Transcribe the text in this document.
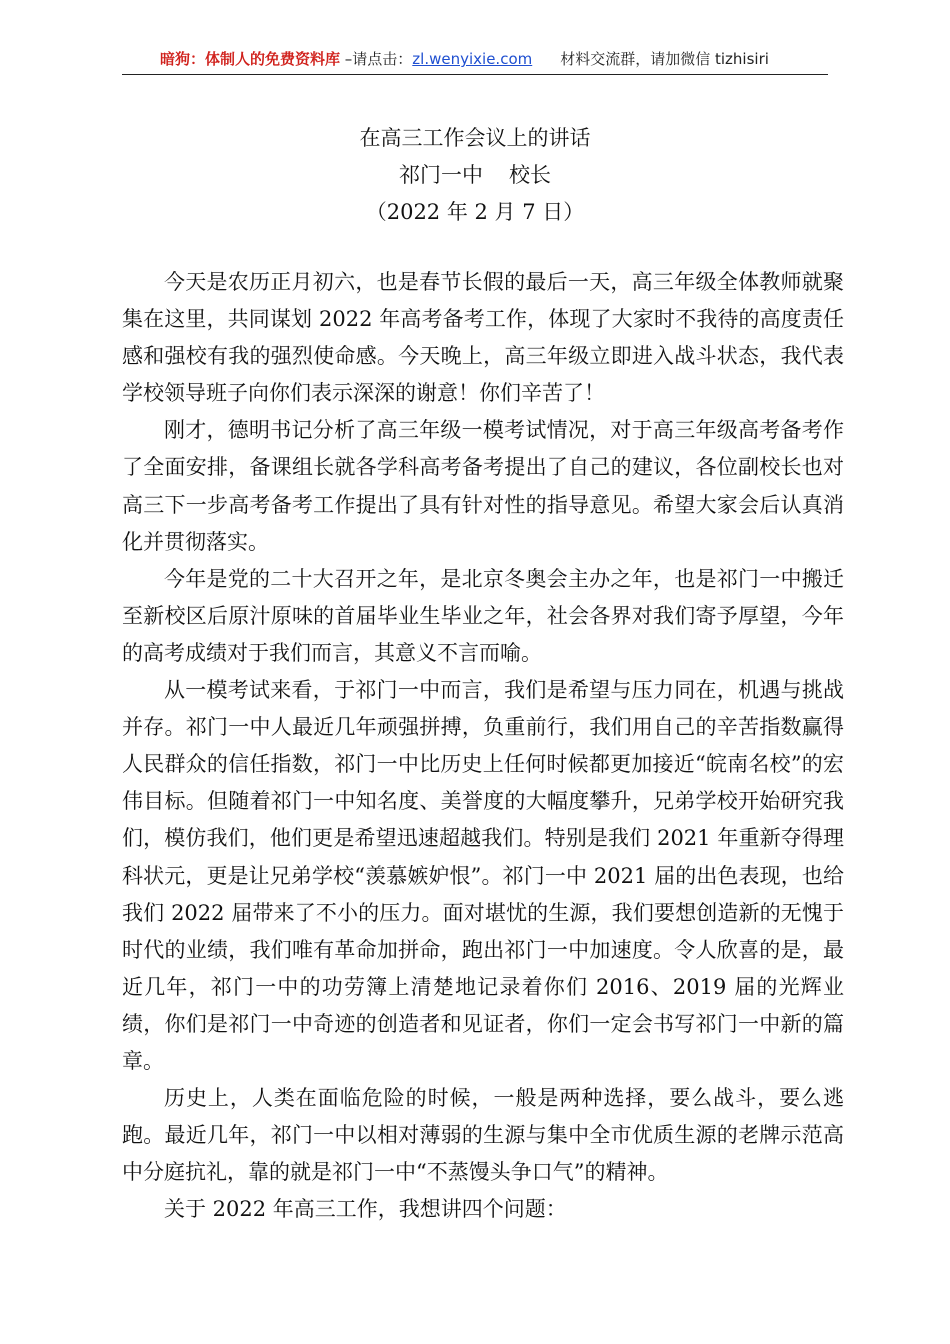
暗狗：体制人的免费资料库 –请点击：zl.wenyixie.com 材料交流群，请加微信 tizhisiri
在高三工作会议上的讲话
祁门一中 校长
（2022 年 2 月 7 日）

今天是农历正月初六，也是春节长假的最后一天，高三年级全体教师就聚集在这里，共同谋划 2022 年高考备考工作，体现了大家时不我待的高度责任感和强校有我的强烈使命感。今天晚上，高三年级立即进入战斗状态，我代表学校领导班子向你们表示深深的谢意！你们辛苦了！

刚才，德明书记分析了高三年级一模考试情况，对于高三年级高考备考作了全面安排，备课组长就各学科高考备考提出了自己的建议，各位副校长也对高三下一步高考备考工作提出了具有针对性的指导意见。希望大家会后认真消化并贯彻落实。

今年是党的二十大召开之年，是北京冬奥会主办之年，也是祁门一中搬迁至新校区后原汁原味的首届毕业生毕业之年，社会各界对我们寄予厚望，今年的高考成绩对于我们而言，其意义不言而喻。

从一模考试来看，于祁门一中而言，我们是希望与压力同在，机遇与挑战并存。祁门一中人最近几年顽强拼搏，负重前行，我们用自己的辛苦指数赢得人民群众的信任指数，祁门一中比历史上任何时候都更加接近“皖南名校”的宏伟目标。但随着祁门一中知名度、美誉度的大幅度攀升，兄弟学校开始研究我们，模仿我们，他们更是希望迅速超越我们。特别是我们 2021 年重新夺得理科状元，更是让兄弟学校“羡慕嫉妒恨”。祁门一中 2021 届的出色表现，也给我们 2022 届带来了不小的压力。面对堪忧的生源，我们要想创造新的无愧于时代的业绩，我们唯有革命加拼命，跑出祁门一中加速度。令人欣喜的是，最近几年，祁门一中的功劳簿上清楚地记录着你们 2016、2019 届的光辉业绩，你们是祁门一中奇迹的创造者和见证者，你们一定会书写祁门一中新的篇章。

历史上，人类在面临危险的时候，一般是两种选择，要么战斗，要么逃跑。最近几年，祁门一中以相对薄弱的生源与集中全市优质生源的老牌示范高中分庭抗礼，靠的就是祁门一中“不蒸馒头争口气”的精神。

关于 2022 年高三工作，我想讲四个问题：
